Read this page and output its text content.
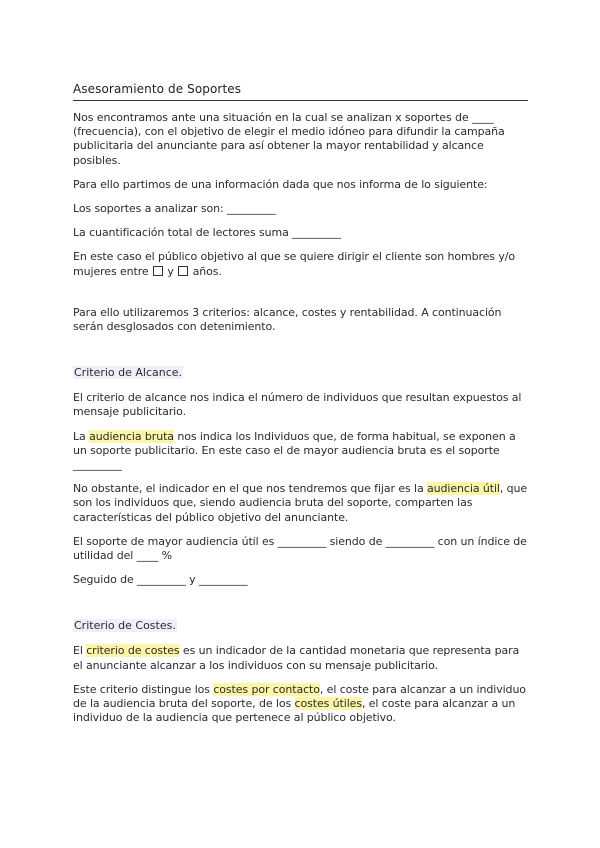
Asesoramiento de Soportes

Nos encontramos ante una situación en la cual se analizan x soportes de ____ (frecuencia), con el objetivo de elegir el medio idóneo para difundir la campaña publicitaria del anunciante para así obtener la mayor rentabilidad y alcance posibles.

Para ello partimos de una información dada que nos informa de lo siguiente:

Los soportes a analizar son: _________

La cuantificación total de lectores suma _________

En este caso el público objetivo al que se quiere dirigir el cliente son hombres y/o mujeres entre y años.

Para ello utilizaremos 3 criterios: alcance, costes y rentabilidad. A continuación serán desglosados con detenimiento.

Criterio de Alcance.

El criterio de alcance nos indica el número de individuos que resultan expuestos al mensaje publicitario.

La audiencia bruta nos indica los Individuos que, de forma habitual, se exponen a un soporte publicitario. En este caso el de mayor audiencia bruta es el soporte _________

No obstante, el indicador en el que nos tendremos que fijar es la audiencia útil, que son los individuos que, siendo audiencia bruta del soporte, comparten las características del público objetivo del anunciante.

El soporte de mayor audiencia útil es _________ siendo de _________ con un índice de utilidad del ____ %

Seguido de _________ y _________

Criterio de Costes.

El criterio de costes es un indicador de la cantidad monetaria que representa para el anunciante alcanzar a los individuos con su mensaje publicitario.

Este criterio distingue los costes por contacto, el coste para alcanzar a un individuo de la audiencia bruta del soporte, de los costes útiles, el coste para alcanzar a un individuo de la audiencia que pertenece al público objetivo.
